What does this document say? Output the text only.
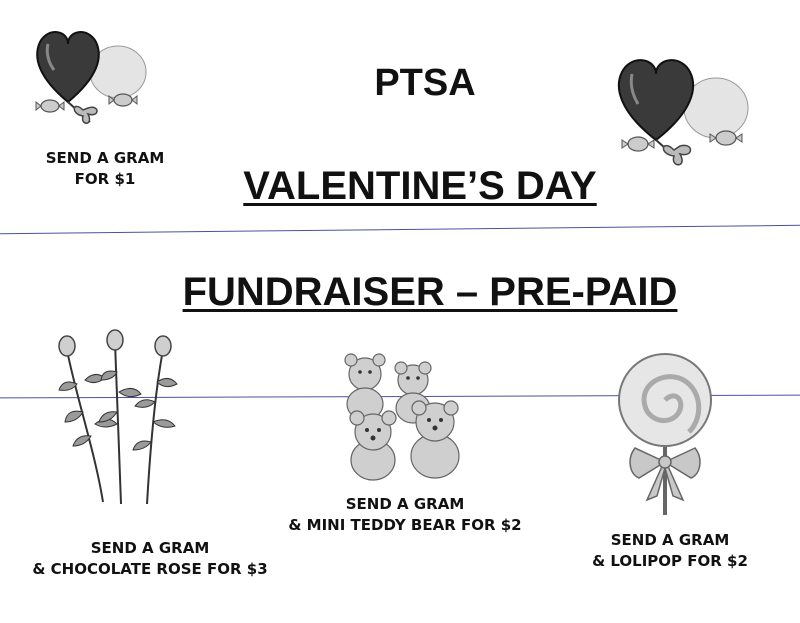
PTSA
VALENTINE’S DAY
FUNDRAISER – PRE-PAID
SEND A GRAM
FOR $1
SEND A GRAM
& CHOCOLATE ROSE FOR $3
SEND A GRAM
& MINI TEDDY BEAR FOR $2
SEND A GRAM
& LOLIPOP FOR $2
